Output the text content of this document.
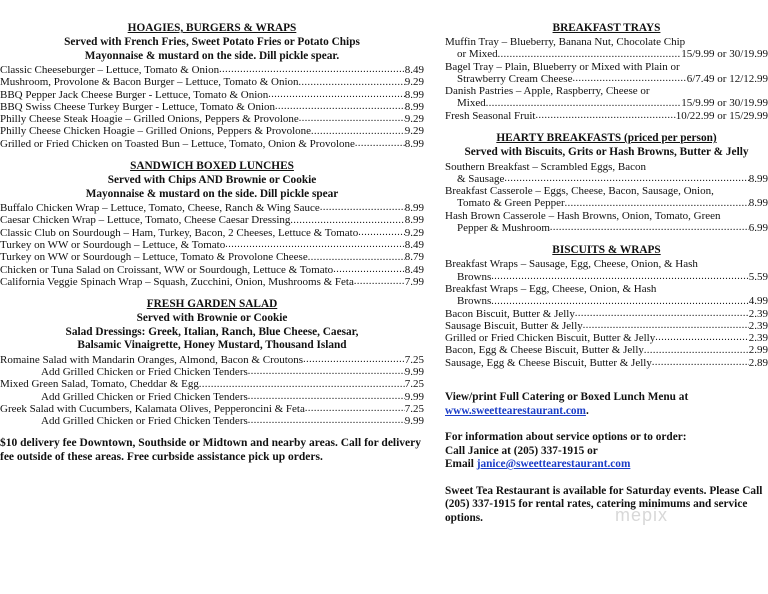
HOAGIES, BURGERS & WRAPS
Served with French Fries, Sweet Potato Fries or Potato Chips
Mayonnaise & mustard on the side. Dill pickle spear.
Classic Cheeseburger – Lettuce, Tomato & Onion .....	8.49
Mushroom, Provolone & Bacon Burger – Lettuce, Tomato & Onion .....	9.29
BBQ Pepper Jack Cheese Burger - Lettuce, Tomato & Onion .....	8.99
BBQ Swiss Cheese Turkey Burger - Lettuce, Tomato & Onion .....	8.99
Philly Cheese Steak Hoagie – Grilled Onions, Peppers & Provolone .....	9.29
Philly Cheese Chicken Hoagie – Grilled Onions, Peppers & Provolone .....	9.29
Grilled or Fried Chicken on Toasted Bun – Lettuce, Tomato, Onion & Provolone .....	8.99
SANDWICH BOXED LUNCHES
Served with Chips AND Brownie or Cookie
Mayonnaise & mustard on the side. Dill pickle spear
Buffalo Chicken Wrap – Lettuce, Tomato, Cheese, Ranch & Wing Sauce .....	8.99
Caesar Chicken Wrap – Lettuce, Tomato, Cheese Caesar Dressing .....	8.99
Classic Club on Sourdough – Ham, Turkey, Bacon, 2 Cheeses, Lettuce & Tomato .....	9.29
Turkey on WW or Sourdough – Lettuce, & Tomato .....	8.49
Turkey on WW or Sourdough – Lettuce, Tomato & Provolone Cheese .....	8.79
Chicken or Tuna Salad on Croissant, WW or Sourdough, Lettuce & Tomato .....	8.49
California Veggie Spinach Wrap – Squash, Zucchini, Onion, Mushrooms & Feta .....	7.99
FRESH GARDEN SALAD
Served with Brownie or Cookie
Salad Dressings: Greek, Italian, Ranch, Blue Cheese, Caesar,
Balsamic Vinaigrette, Honey Mustard, Thousand Island
Romaine Salad with Mandarin Oranges, Almond, Bacon & Croutons .....	7.25
Add Grilled Chicken or Fried Chicken Tenders .....	9.99
Mixed Green Salad, Tomato, Cheddar & Egg .....	7.25
Add Grilled Chicken or Fried Chicken Tenders .....	9.99
Greek Salad with Cucumbers, Kalamata Olives, Pepperoncini & Feta .....	7.25
Add Grilled Chicken or Fried Chicken Tenders .....	9.99
$10 delivery fee Downtown, Southside or Midtown and nearby areas. Call for delivery fee outside of these areas. Free curbside assistance pick up orders.
BREAKFAST TRAYS
Muffin Tray – Blueberry, Banana Nut, Chocolate Chip
or Mixed .....	15/9.99 or 30/19.99
Bagel Tray – Plain, Blueberry or Mixed with Plain or
Strawberry Cream Cheese .....	6/7.49 or 12/12.99
Danish Pastries – Apple, Raspberry, Cheese or
Mixed .....	15/9.99 or 30/19.99
Fresh Seasonal Fruit .....	10/22.99 or 15/29.99
HEARTY BREAKFASTS (priced per person)
Served with Biscuits, Grits or Hash Browns, Butter & Jelly
Southern Breakfast – Scrambled Eggs, Bacon
& Sausage .....	8.99
Breakfast Casserole – Eggs, Cheese, Bacon, Sausage, Onion,
Tomato & Green Pepper .....	8.99
Hash Brown Casserole – Hash Browns, Onion, Tomato, Green
Pepper & Mushroom .....	6.99
BISCUITS & WRAPS
Breakfast Wraps – Sausage, Egg, Cheese, Onion, & Hash
Browns .....	5.59
Breakfast Wraps – Egg, Cheese, Onion, & Hash
Browns .....	4.99
Bacon Biscuit, Butter & Jelly .....	2.39
Sausage Biscuit, Butter & Jelly .....	2.39
Grilled or Fried Chicken Biscuit, Butter & Jelly .....	2.39
Bacon, Egg & Cheese Biscuit, Butter & Jelly .....	2.99
Sausage, Egg & Cheese Biscuit, Butter & Jelly .....	2.89
View/print Full Catering or Boxed Lunch Menu at
www.sweetteare​staurant.com.
For information about service options or to order:
Call Janice at (205) 337-1915 or
Email janice@sweetteare​staurant.com
Sweet Tea Restaurant is available for Saturday events. Please Call (205) 337-1915 for rental rates, catering minimums and service options.	mepix
